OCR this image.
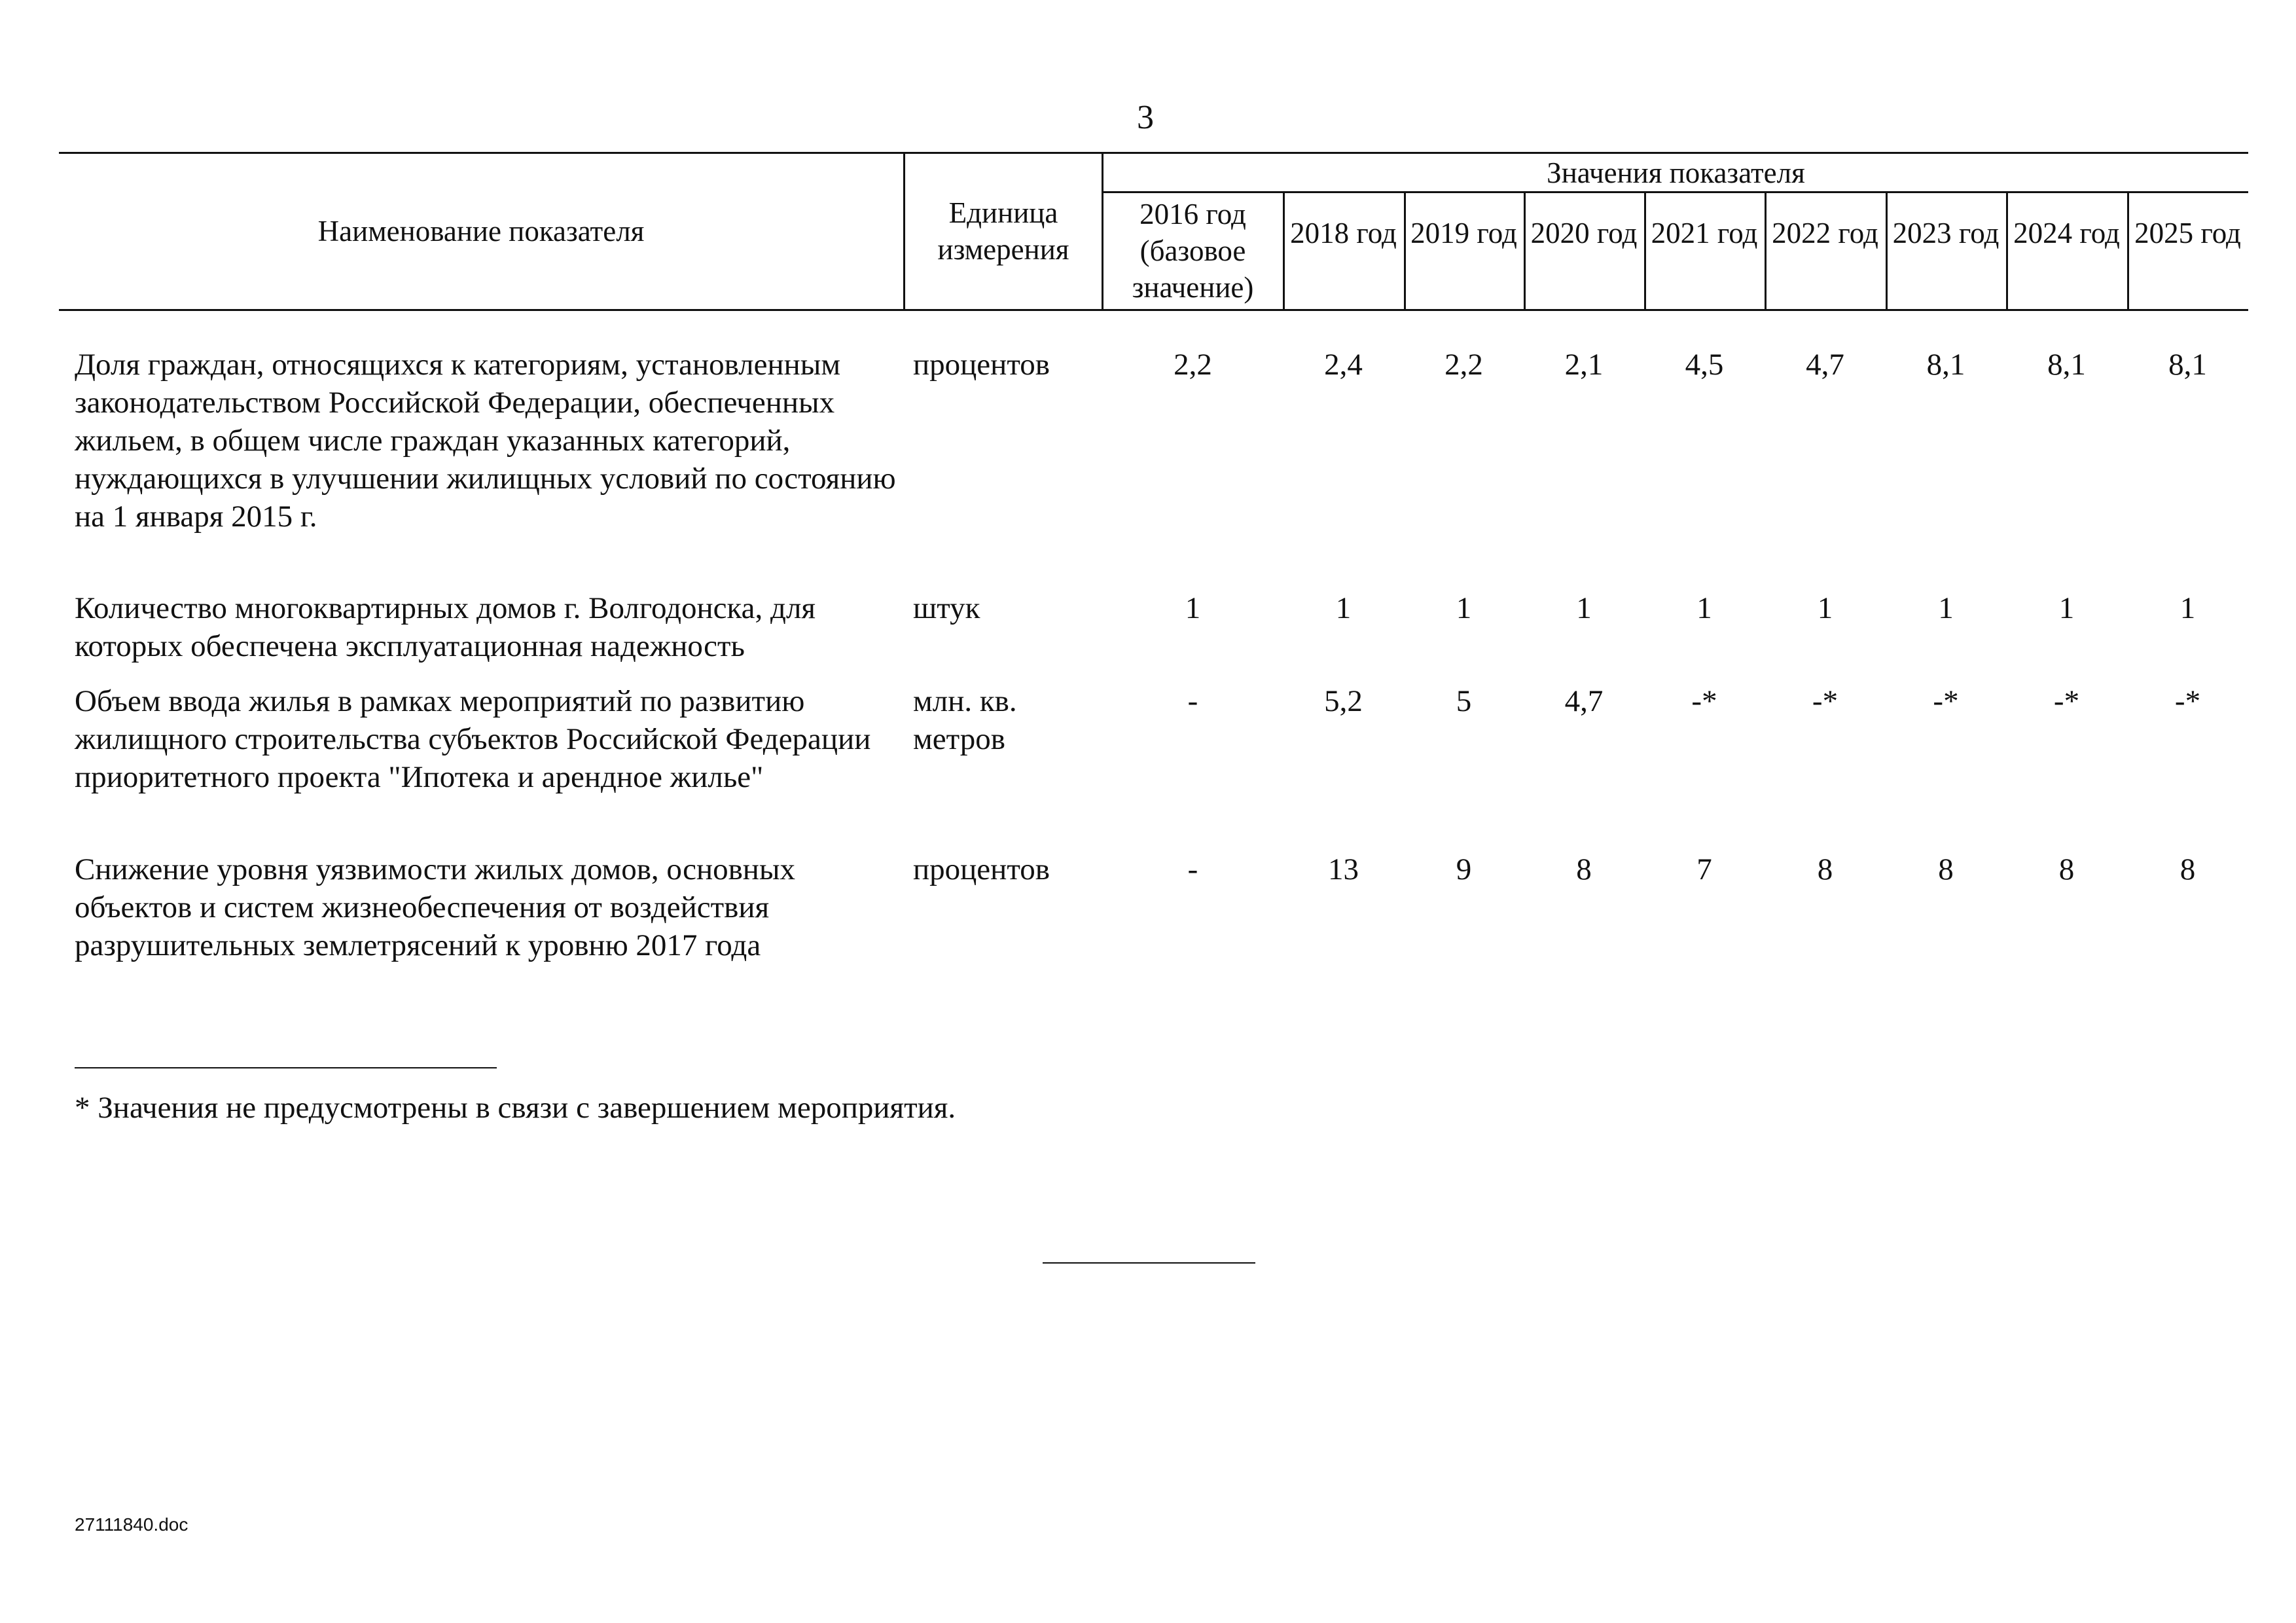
3
Наименование показателя
Единица измерения
Значения показателя
2016 год (базовое значение)
2018 год 2019 год 2020 год 2021 год 2022 год 2023 год 2024 год 2025 год
Доля граждан, относящихся к категориям, установленным законодательством Российской Федерации, обеспеченных жильем, в общем числе граждан указанных категорий, нуждающихся в улучшении жилищных условий по состоянию на 1 января 2015 г.
процентов	2,2	2,4	2,2	2,1	4,5	4,7	8,1	8,1	8,1
Количество многоквартирных домов г. Волгодонска, для которых обеспечена эксплуатационная надежность
штук	1	1	1	1	1	1	1	1	1
Объем ввода жилья в рамках мероприятий по развитию жилищного строительства субъектов Российской Федерации приоритетного проекта "Ипотека и арендное жилье"
млн. кв. метров
-	5,2	5	4,7	-*	-*	-*	-*	-*
Снижение уровня уязвимости жилых домов, основных объектов и систем жизнеобеспечения от воздействия разрушительных землетрясений к уровню 2017 года
процентов	-	13	9	8	7	8	8	8	8
* Значения не предусмотрены в связи с завершением мероприятия.
27111840.doc
